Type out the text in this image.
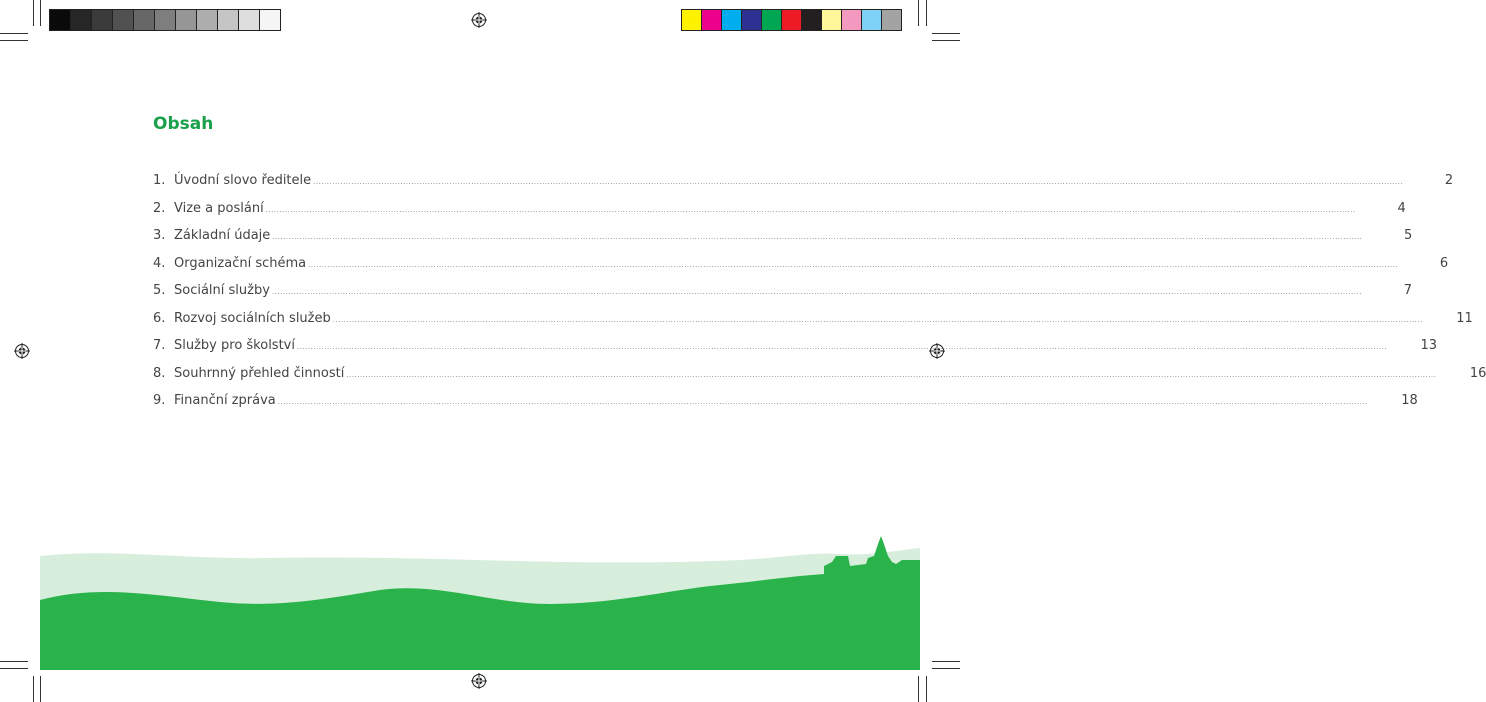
Obsah
1. Úvodní slovo ředitele ................................................................................................................................................................................................................................................................................................................................................................................................................	2
2. Vize a poslání ................................................................................................................................................................................................................................................................................................................................................................................................................	4
3. Základní údaje ................................................................................................................................................................................................................................................................................................................................................................................................................	5
4. Organizační schéma ................................................................................................................................................................................................................................................................................................................................................................................................................	6
5. Sociální služby ................................................................................................................................................................................................................................................................................................................................................................................................................	7
6. Rozvoj sociálních služeb ................................................................................................................................................................................................................................................................................................................................................................................................................	11
7. Služby pro školství ................................................................................................................................................................................................................................................................................................................................................................................................................	13
8. Souhrnný přehled činností ................................................................................................................................................................................................................................................................................................................................................................................................................	16
9. Finanční zpráva ................................................................................................................................................................................................................................................................................................................................................................................................................	18
